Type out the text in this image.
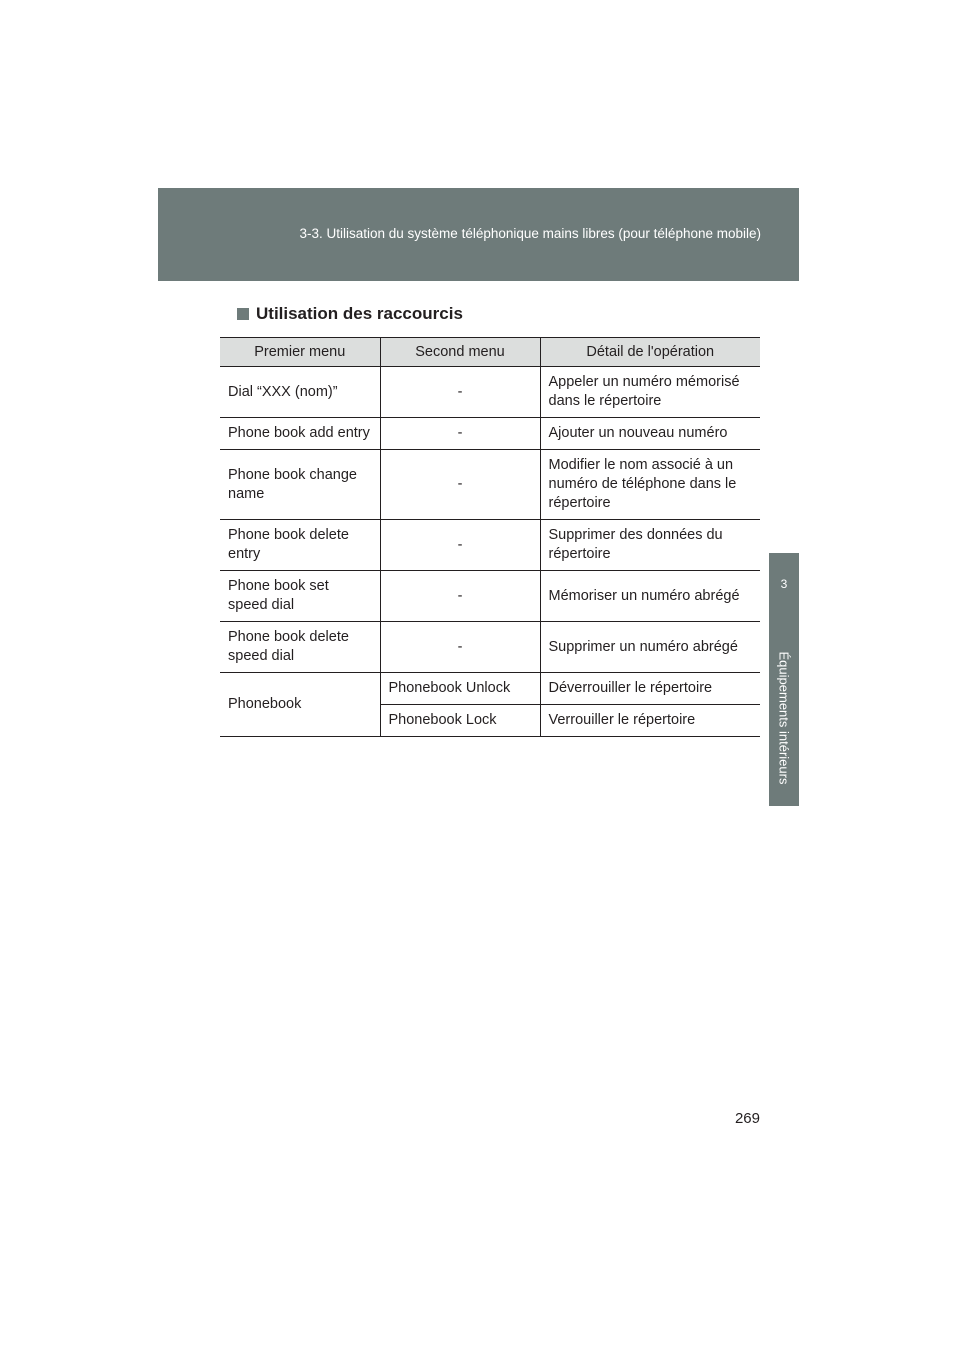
3-3. Utilisation du système téléphonique mains libres (pour téléphone mobile)
3
Équipements intérieurs
Utilisation des raccourcis
Premier menu	Second menu	Détail de l'opération
Dial “XXX (nom)”	-	Appeler un numéro mémorisé dans le répertoire
Phone book add entry	-	Ajouter un nouveau numéro
Phone book change name	-	Modifier le nom associé à un numéro de téléphone dans le répertoire
Phone book delete entry	-	Supprimer des données du répertoire
Phone book set speed dial	-	Mémoriser un numéro abrégé
Phone book delete speed dial	-	Supprimer un numéro abrégé
Phonebook	Phonebook Unlock	Déverrouiller le répertoire
	Phonebook Lock	Verrouiller le répertoire
269
